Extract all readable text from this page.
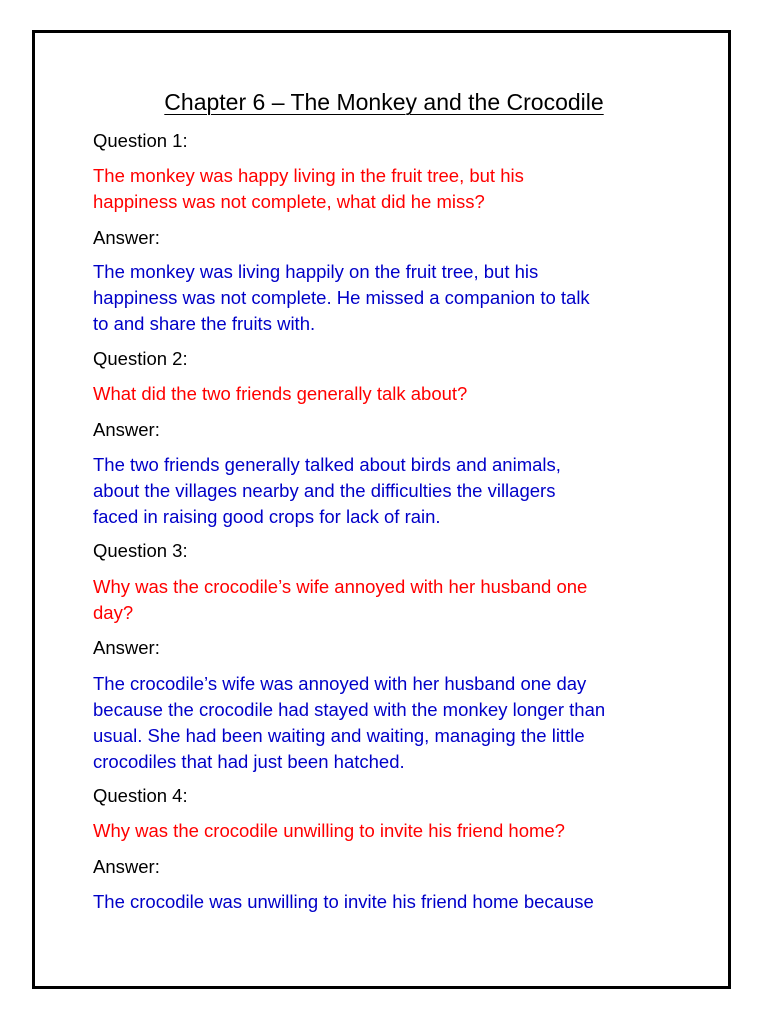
Chapter 6 – The Monkey and the Crocodile

Question 1:

The monkey was happy living in the fruit tree, but his
happiness was not complete, what did he miss?

Answer:

The monkey was living happily on the fruit tree, but his
happiness was not complete. He missed a companion to talk
to and share the fruits with.

Question 2:

What did the two friends generally talk about?

Answer:

The two friends generally talked about birds and animals,
about the villages nearby and the difficulties the villagers
faced in raising good crops for lack of rain.

Question 3:

Why was the crocodile’s wife annoyed with her husband one
day?

Answer:

The crocodile’s wife was annoyed with her husband one day
because the crocodile had stayed with the monkey longer than
usual. She had been waiting and waiting, managing the little
crocodiles that had just been hatched.

Question 4:

Why was the crocodile unwilling to invite his friend home?

Answer:

The crocodile was unwilling to invite his friend home because
